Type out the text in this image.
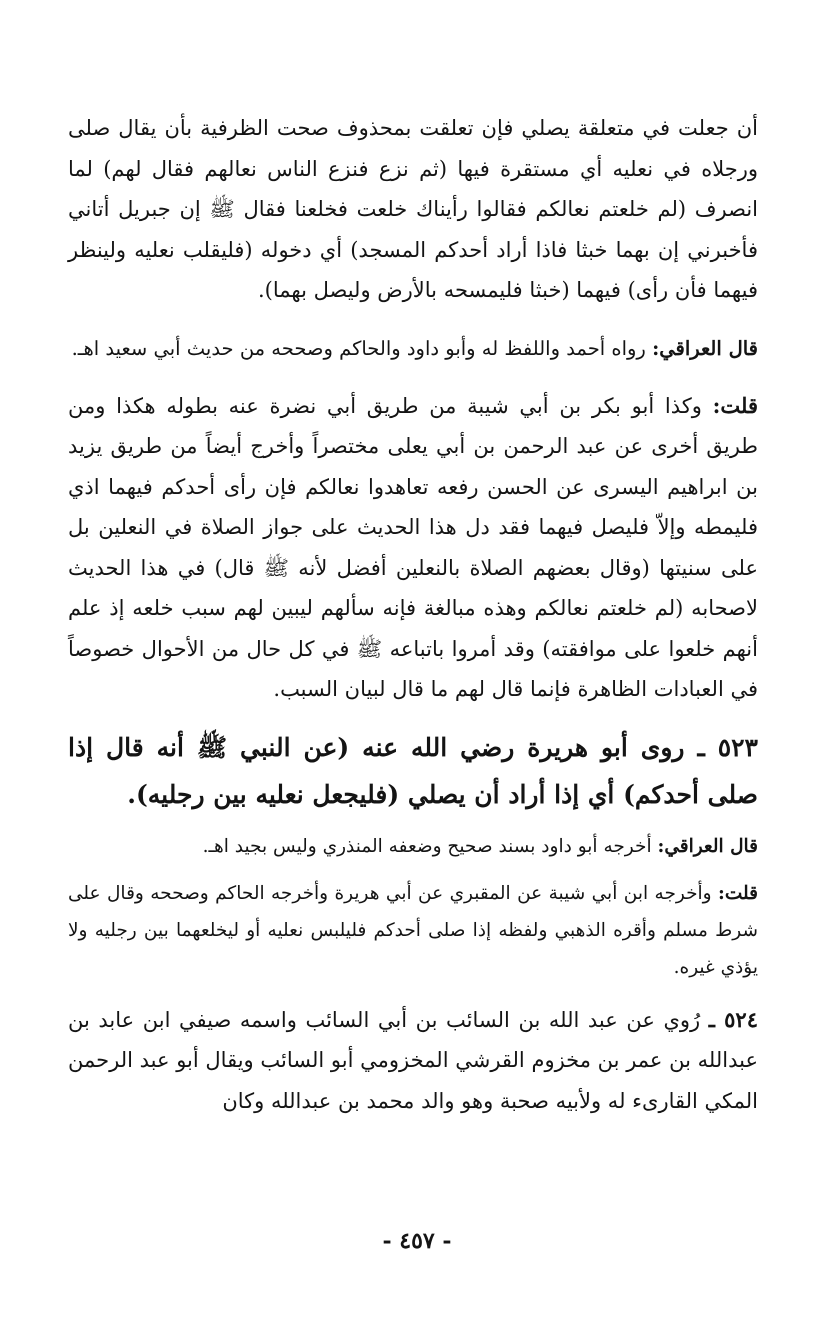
أن جعلت في متعلقة يصلي فإن تعلقت بمحذوف صحت الظرفية بأن يقال صلى ورجلاه في نعليه أي مستقرة فيها (ثم نزع فنزع الناس نعالهم فقال لهم) لما انصرف (لم خلعتم نعالكم فقالوا رأيناك خلعت فخلعنا فقال ﷺ إن جبريل أتاني فأخبرني إن بهما خبثا فاذا أراد أحدكم المسجد) أي دخوله (فليقلب نعليه ولينظر فيهما فأن رأى) فيهما (خبثا فليمسحه بالأرض وليصل بهما).

قال العراقي: رواه أحمد واللفظ له وأبو داود والحاكم وصححه من حديث أبي سعيد اهـ.

قلت: وكذا أبو بكر بن أبي شيبة من طريق أبي نضرة عنه بطوله هكذا ومن طريق أخرى عن عبد الرحمن بن أبي يعلى مختصراً وأخرج أيضاً من طريق يزيد بن ابراهيم اليسرى عن الحسن رفعه تعاهدوا نعالكم فإن رأى أحدكم فيهما اذي فليمطه وإلاّ فليصل فيهما فقد دل هذا الحديث على جواز الصلاة في النعلين بل على سنيتها (وقال بعضهم الصلاة بالنعلين أفضل لأنه ﷺ قال) في هذا الحديث لاصحابه (لم خلعتم نعالكم وهذه مبالغة فإنه سألهم ليبين لهم سبب خلعه إذ علم أنهم خلعوا على موافقته) وقد أمروا باتباعه ﷺ في كل حال من الأحوال خصوصاً في العبادات الظاهرة فإنما قال لهم ما قال لبيان السبب.

٥٢٣ ـ روى أبو هريرة رضي الله عنه (عن النبي ﷺ أنه قال إذا صلى أحدكم) أي إذا أراد أن يصلي (فليجعل نعليه بين رجليه).

قال العراقي: أخرجه أبو داود بسند صحيح وضعفه المنذري وليس بجيد اهـ.

قلت: وأخرجه ابن أبي شيبة عن المقبري عن أبي هريرة وأخرجه الحاكم وصححه وقال على شرط مسلم وأقره الذهبي ولفظه إذا صلى أحدكم فليلبس نعليه أو ليخلعهما بين رجليه ولا يؤذي غيره.

٥٢٤ ـ رُوي عن عبد الله بن السائب بن أبي السائب واسمه صيفي ابن عابد بن عبدالله بن عمر بن مخزوم القرشي المخزومي أبو السائب ويقال أبو عبد الرحمن المكي القارىء له ولأبيه صحبة وهو والد محمد بن عبدالله وكان

- ٤٥٧ -
